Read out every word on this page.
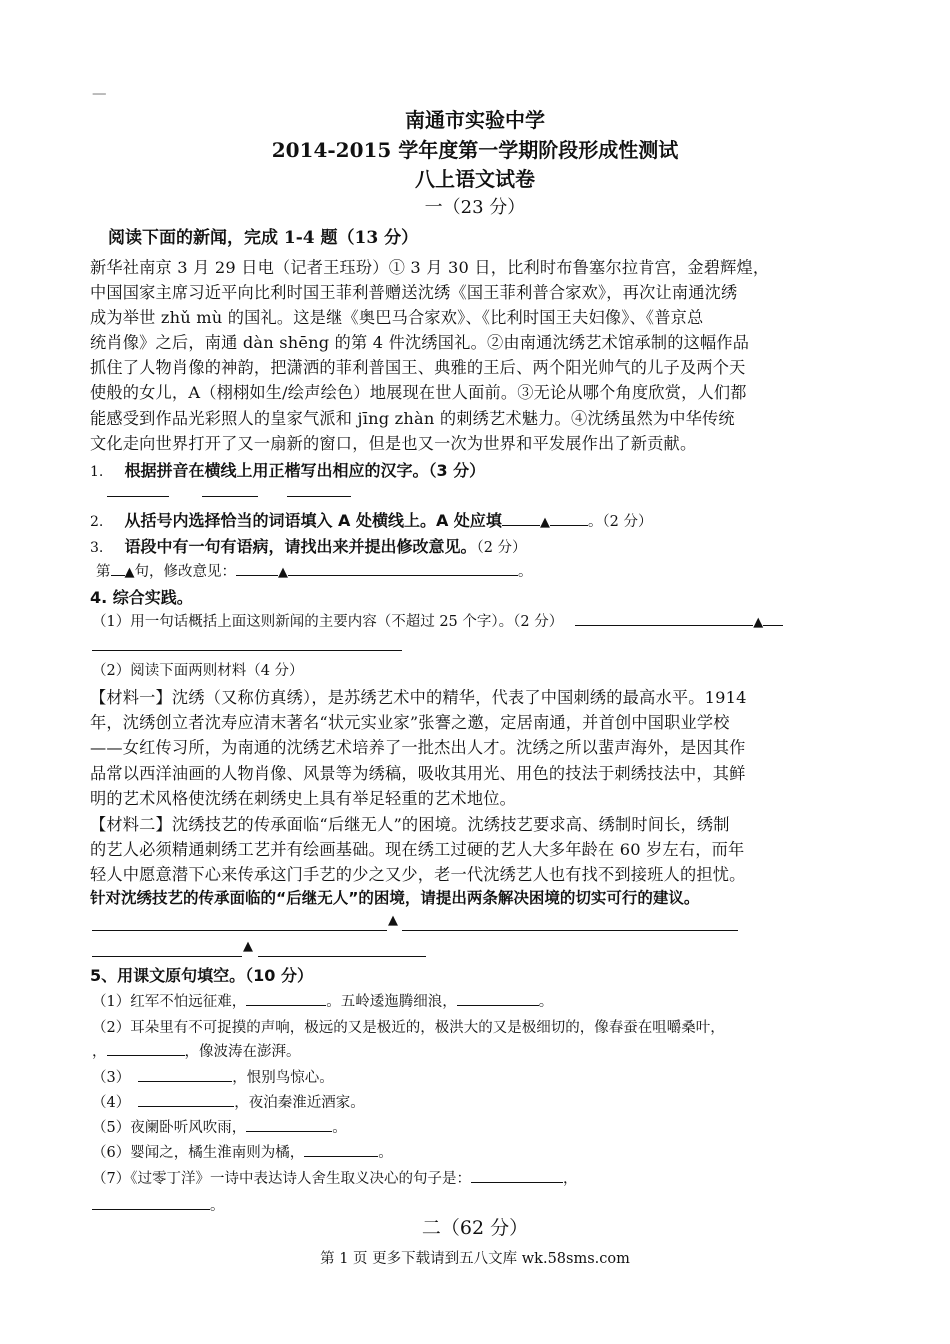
—
南通市实验中学
2014-2015 学年度第一学期阶段形成性测试
八上语文试卷
一（23 分）
阅读下面的新闻，完成 1-4 题（13 分）
新华社南京 3 月 29 日电（记者王珏玢）① 3 月 30 日，比利时布鲁塞尔拉肯宫，金碧辉煌，
中国国家主席习近平向比利时国王菲利普赠送沈绣《国王菲利普合家欢》，再次让南通沈绣
成为举世 zhǔ mù 的国礼。这是继《奥巴马合家欢》、《比利时国王夫妇像》、《普京总
统肖像》之后，南通 dàn shēng 的第 4 件沈绣国礼。②由南通沈绣艺术馆承制的这幅作品
抓住了人物肖像的神韵，把潇洒的菲利普国王、典雅的王后、两个阳光帅气的儿子及两个天
使般的女儿，A（栩栩如生/绘声绘色）地展现在世人面前。③无论从哪个角度欣赏，人们都
能感受到作品光彩照人的皇家气派和 jīng zhàn 的刺绣艺术魅力。④沈绣虽然为中华传统
文化走向世界打开了又一扇新的窗口，但是也又一次为世界和平发展作出了新贡献。
1. 根据拼音在横线上用正楷写出相应的汉字。（3 分）
2. 从括号内选择恰当的词语填入 A 处横线上。A 处应填	▲	。（2 分）
3. 语段中有一句有语病，请找出来并提出修改意见。（2 分）
第 ▲句，修改意见：	▲	。
4. 综合实践。
（1）用一句话概括上面这则新闻的主要内容（不超过 25 个字）。（2 分）	▲
（2）阅读下面两则材料（4 分）
【材料一】沈绣（又称仿真绣），是苏绣艺术中的精华，代表了中国刺绣的最高水平。1914
年，沈绣创立者沈寿应清末著名“状元实业家”张謇之邀，定居南通，并首创中国职业学校
——女红传习所，为南通的沈绣艺术培养了一批杰出人才。沈绣之所以蜚声海外，是因其作
品常以西洋油画的人物肖像、风景等为绣稿，吸收其用光、用色的技法于刺绣技法中，其鲜
明的艺术风格使沈绣在刺绣史上具有举足轻重的艺术地位。
【材料二】沈绣技艺的传承面临“后继无人”的困境。沈绣技艺要求高、绣制时间长，绣制
的艺人必须精通刺绣工艺并有绘画基础。现在绣工过硬的艺人大多年龄在 60 岁左右，而年
轻人中愿意潜下心来传承这门手艺的少之又少，老一代沈绣艺人也有找不到接班人的担忧。
针对沈绣技艺的传承面临的“后继无人”的困境，请提出两条解决困境的切实可行的建议。
▲
▲
5、用课文原句填空。（10 分）
（1）红军不怕远征难，	。五岭逶迤腾细浪，	。
（2）耳朵里有不可捉摸的声响，极远的又是极近的，极洪大的又是极细切的，像春蚕在咀嚼桑叶，
，	，像波涛在澎湃。
（3）	，恨别鸟惊心。
（4）	，夜泊秦淮近酒家。
（5）夜阑卧听风吹雨，	。
（6）婴闻之，橘生淮南则为橘，	。
（7）《过零丁洋》一诗中表达诗人舍生取义决心的句子是：	，
。
二（62 分）
第 1 页 更多下载请到五八文库 wk.58sms.com
